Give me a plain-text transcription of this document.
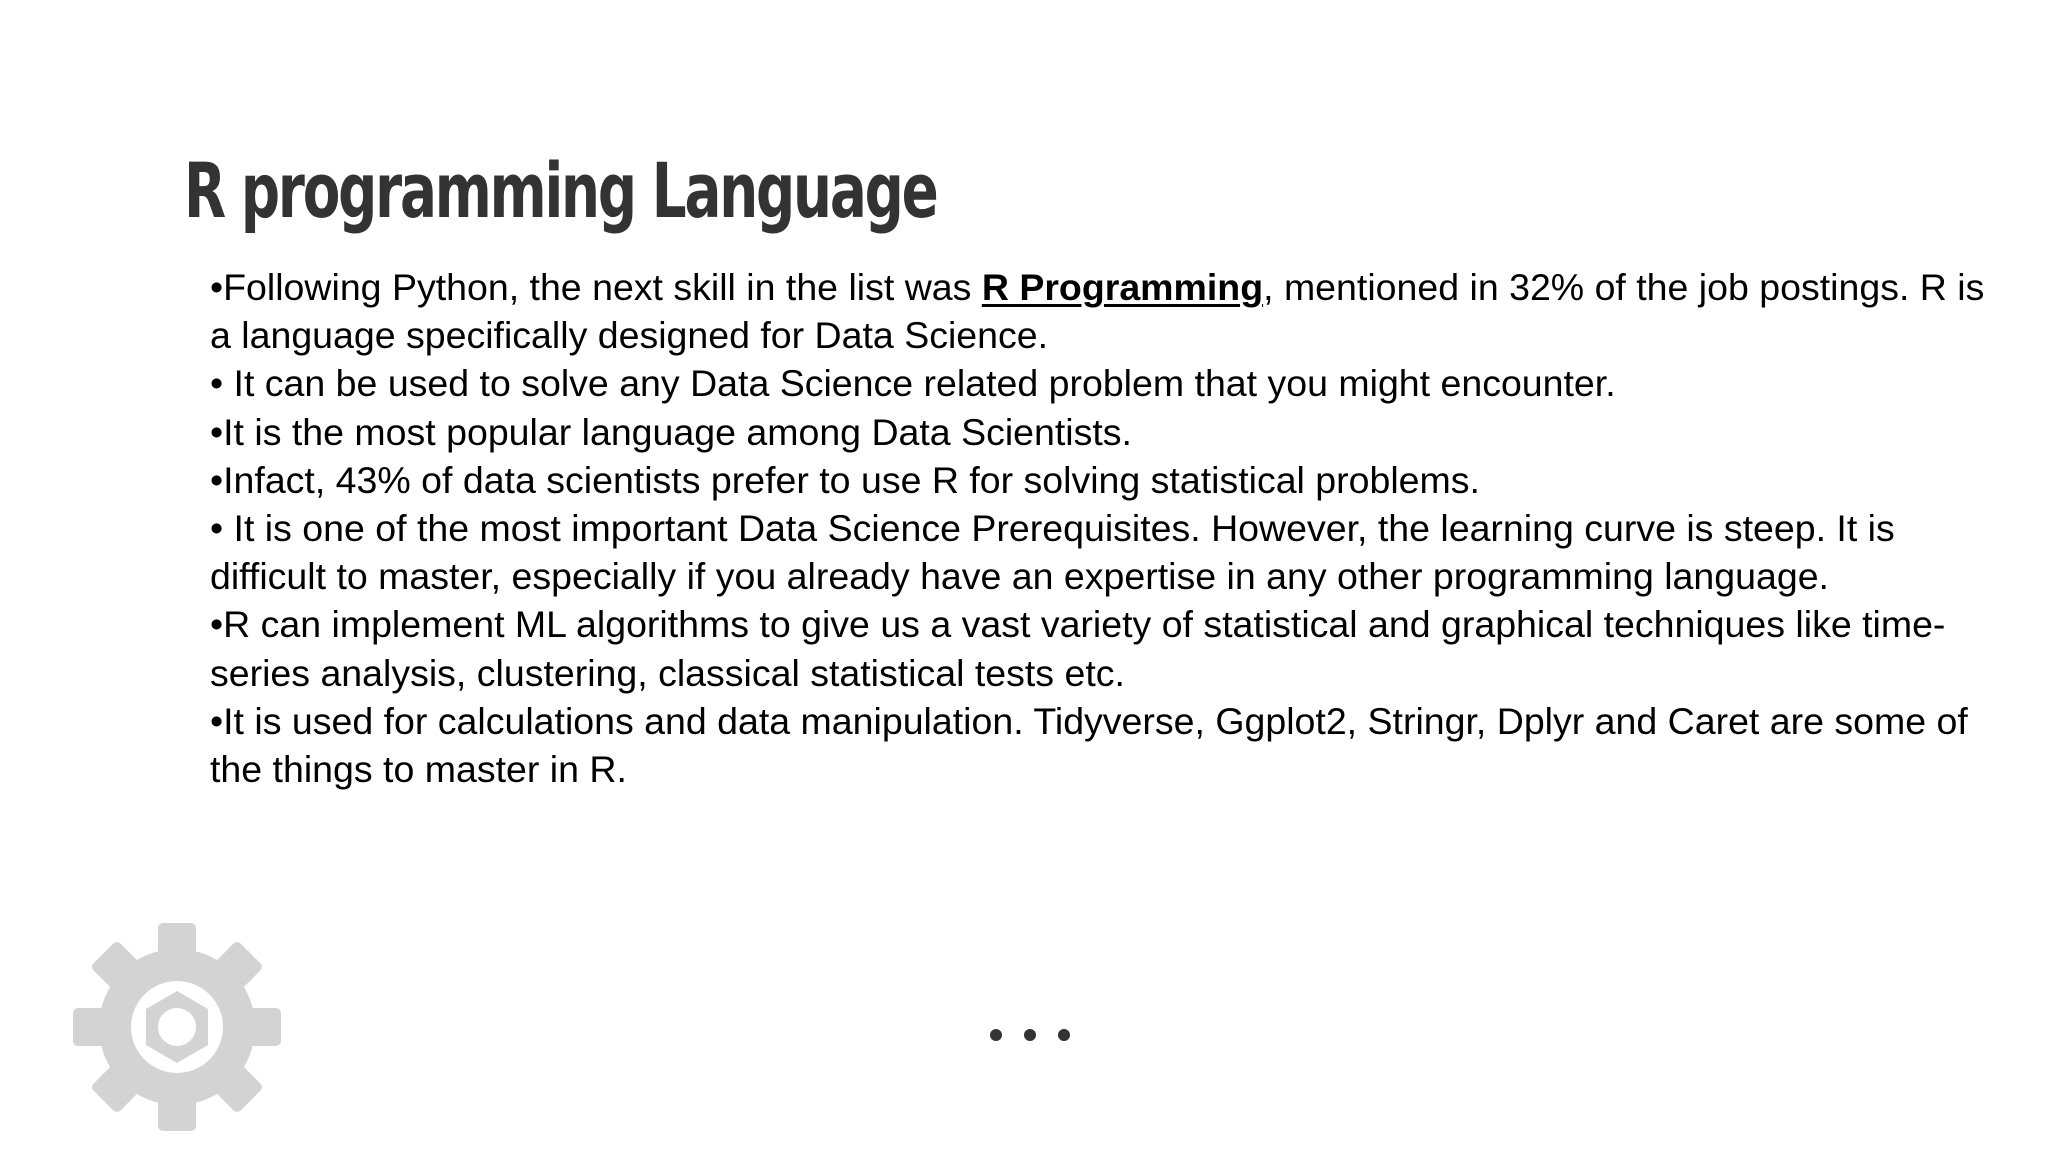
R programming Language

•Following Python, the next skill in the list was R Programming, mentioned in 32% of the job postings. R is a language specifically designed for Data Science.

• It can be used to solve any Data Science related problem that you might encounter.

•It is the most popular language among Data Scientists.

•Infact, 43% of data scientists prefer to use R for solving statistical problems.

• It is one of the most important Data Science Prerequisites. However, the learning curve is steep. It is difficult to master, especially if you already have an expertise in any other programming language.

•R can implement ML algorithms to give us a vast variety of statistical and graphical techniques like time-series analysis, clustering, classical statistical tests etc.

•It is used for calculations and data manipulation. Tidyverse, Ggplot2, Stringr, Dplyr and Caret are some of the things to master in R.
